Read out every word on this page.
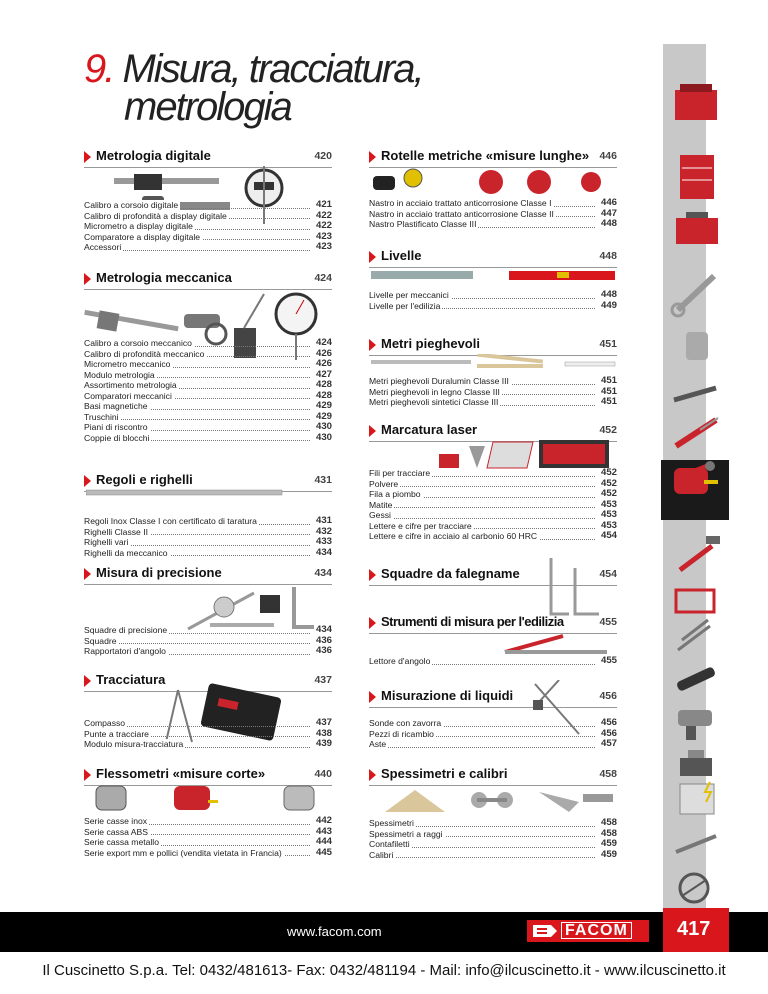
9. Misura, tracciatura,
metrologia
Metrologia digitale	420
Calibro a corsoio digitale	421
Calibro di profondità a display digitale	422
Micrometro a display digitale	422
Comparatore a display digitale	423
Accessori	423
Metrologia meccanica	424
Calibro a corsoio meccanico	424
Calibro di profondità meccanico	426
Micrometro meccanico	426
Modulo metrologia	427
Assortimento metrologia	428
Comparatori meccanici	428
Basi magnetiche	429
Truschini	429
Piani di riscontro	430
Coppie di blocchi	430
Regoli e righelli	431
Regoli Inox Classe I con certificato di taratura	431
Righelli Classe II	432
Righelli vari	433
Righelli da meccanico	434
Misura di precisione	434
Squadre di precisione	434
Squadre	436
Rapportatori d'angolo	436
Tracciatura	437
Compasso	437
Punte a tracciare	438
Modulo misura-tracciatura	439
Flessometri «misure corte»	440
Serie casse inox	442
Serie cassa ABS	443
Serie cassa metallo	444
Serie export mm e pollici (vendita vietata in Francia)	445
Rotelle metriche «misure lunghe» 446
Nastro in acciaio trattato anticorrosione Classe I	446
Nastro in acciaio trattato anticorrosione Classe II	447
Nastro Plastificato Classe III	448
Livelle	448
Livelle per meccanici	448
Livelle per l'edilizia	449
Metri pieghevoli	451
Metri pieghevoli Duralumin Classe III	451
Metri pieghevoli in legno Classe III	451
Metri pieghevoli sintetici Classe III	451
Marcatura laser	452
Fili per tracciare	452
Polvere	452
Fila a piombo	452
Matite	453
Gessi	453
Lettere e cifre per tracciare	453
Lettere e cifre in acciaio al carbonio 60 HRC	454
Squadre da falegname	454
Strumenti di misura per l'edilizia	455
Lettore d'angolo	455
Misurazione di liquidi	456
Sonde con zavorra	456
Pezzi di ricambio	456
Aste	457
Spessimetri e calibri	458
Spessimetri	458
Spessimetri a raggi	458
Contafiletti	459
Calibri	459
www.facom.com	FACOM 417
Il Cuscinetto S.p.a. Tel: 0432/481613- Fax: 0432/481194 - Mail: info@ilcuscinetto.it - www.ilcuscinetto.it
